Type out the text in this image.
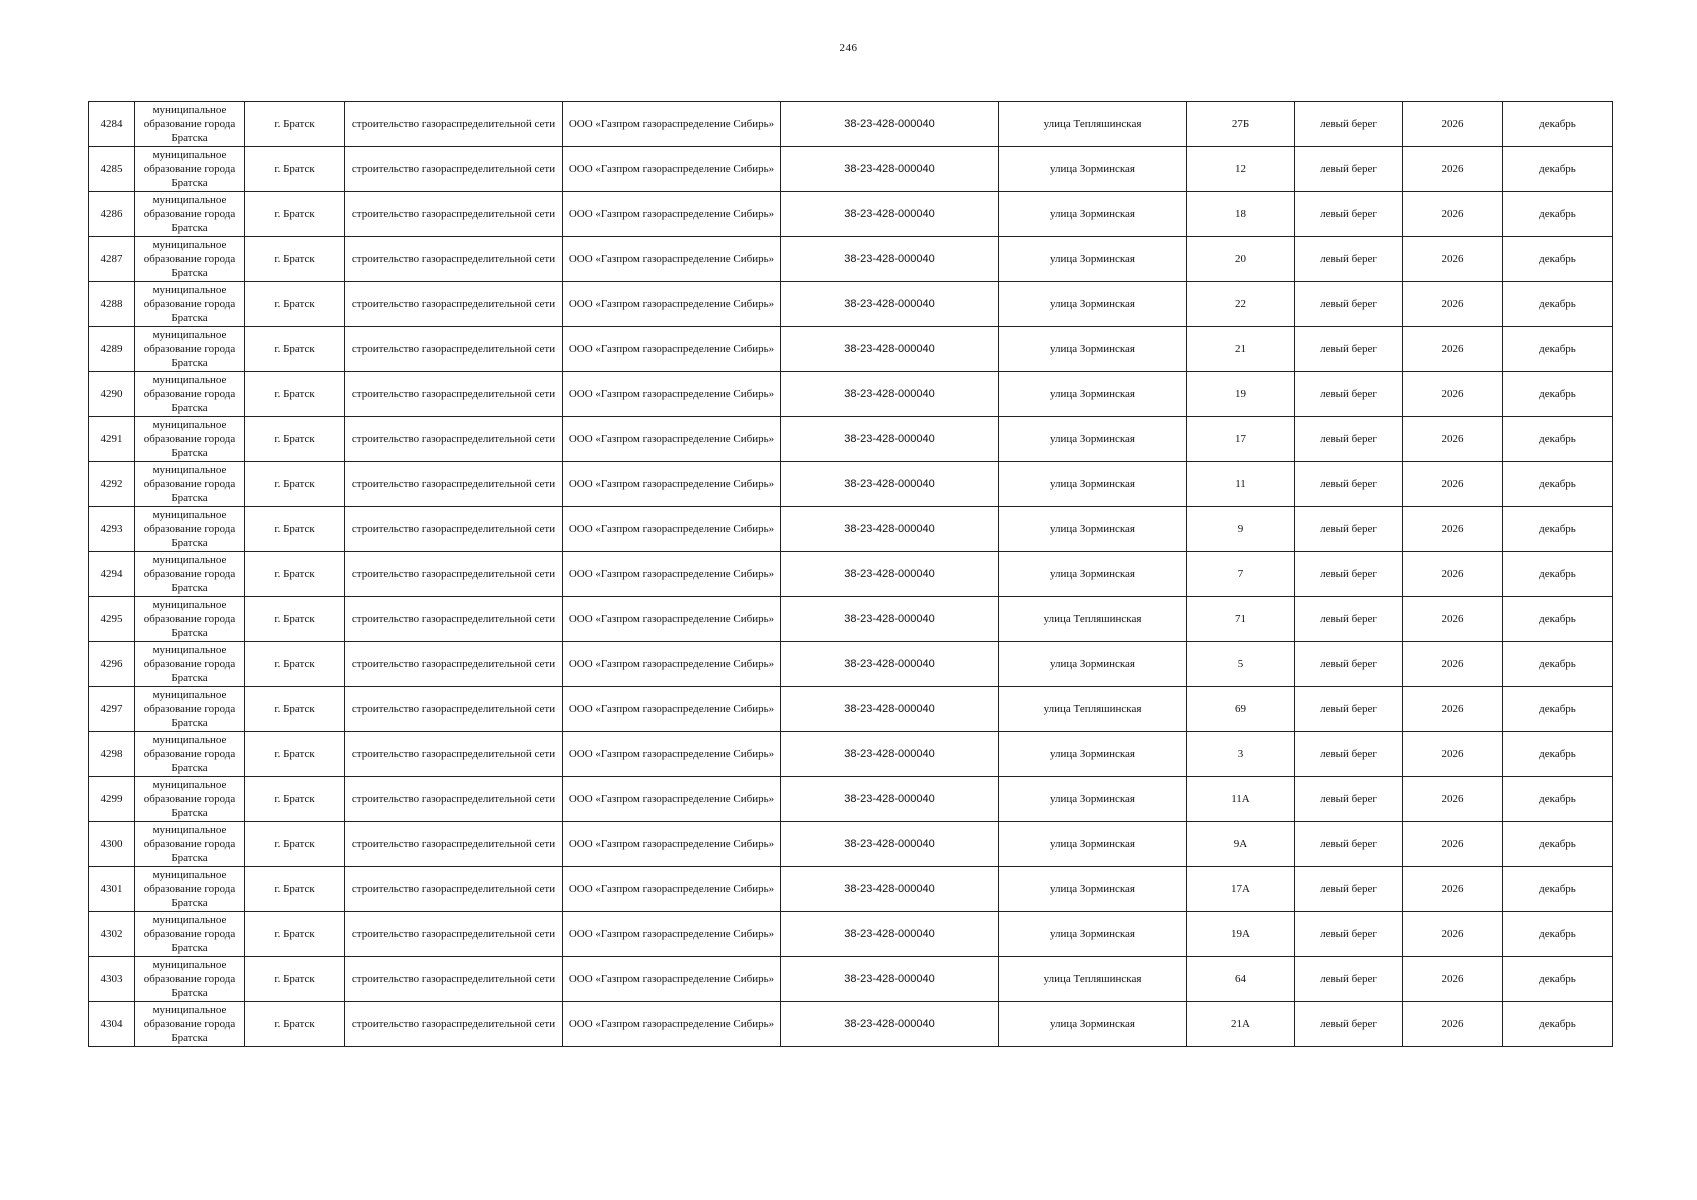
246
4284	муниципальное образование города Братска	г. Братск	строительство газораспределительной сети	ООО «Газпром газораспределение Сибирь»	38-23-428-000040	улица Тепляшинская	27Б	левый берег	2026	декабрь
4285	муниципальное образование города Братска	г. Братск	строительство газораспределительной сети	ООО «Газпром газораспределение Сибирь»	38-23-428-000040	улица Зорминская	12	левый берег	2026	декабрь
4286	муниципальное образование города Братска	г. Братск	строительство газораспределительной сети	ООО «Газпром газораспределение Сибирь»	38-23-428-000040	улица Зорминская	18	левый берег	2026	декабрь
4287	муниципальное образование города Братска	г. Братск	строительство газораспределительной сети	ООО «Газпром газораспределение Сибирь»	38-23-428-000040	улица Зорминская	20	левый берег	2026	декабрь
4288	муниципальное образование города Братска	г. Братск	строительство газораспределительной сети	ООО «Газпром газораспределение Сибирь»	38-23-428-000040	улица Зорминская	22	левый берег	2026	декабрь
4289	муниципальное образование города Братска	г. Братск	строительство газораспределительной сети	ООО «Газпром газораспределение Сибирь»	38-23-428-000040	улица Зорминская	21	левый берег	2026	декабрь
4290	муниципальное образование города Братска	г. Братск	строительство газораспределительной сети	ООО «Газпром газораспределение Сибирь»	38-23-428-000040	улица Зорминская	19	левый берег	2026	декабрь
4291	муниципальное образование города Братска	г. Братск	строительство газораспределительной сети	ООО «Газпром газораспределение Сибирь»	38-23-428-000040	улица Зорминская	17	левый берег	2026	декабрь
4292	муниципальное образование города Братска	г. Братск	строительство газораспределительной сети	ООО «Газпром газораспределение Сибирь»	38-23-428-000040	улица Зорминская	11	левый берег	2026	декабрь
4293	муниципальное образование города Братска	г. Братск	строительство газораспределительной сети	ООО «Газпром газораспределение Сибирь»	38-23-428-000040	улица Зорминская	9	левый берег	2026	декабрь
4294	муниципальное образование города Братска	г. Братск	строительство газораспределительной сети	ООО «Газпром газораспределение Сибирь»	38-23-428-000040	улица Зорминская	7	левый берег	2026	декабрь
4295	муниципальное образование города Братска	г. Братск	строительство газораспределительной сети	ООО «Газпром газораспределение Сибирь»	38-23-428-000040	улица Тепляшинская	71	левый берег	2026	декабрь
4296	муниципальное образование города Братска	г. Братск	строительство газораспределительной сети	ООО «Газпром газораспределение Сибирь»	38-23-428-000040	улица Зорминская	5	левый берег	2026	декабрь
4297	муниципальное образование города Братска	г. Братск	строительство газораспределительной сети	ООО «Газпром газораспределение Сибирь»	38-23-428-000040	улица Тепляшинская	69	левый берег	2026	декабрь
4298	муниципальное образование города Братска	г. Братск	строительство газораспределительной сети	ООО «Газпром газораспределение Сибирь»	38-23-428-000040	улица Зорминская	3	левый берег	2026	декабрь
4299	муниципальное образование города Братска	г. Братск	строительство газораспределительной сети	ООО «Газпром газораспределение Сибирь»	38-23-428-000040	улица Зорминская	11А	левый берег	2026	декабрь
4300	муниципальное образование города Братска	г. Братск	строительство газораспределительной сети	ООО «Газпром газораспределение Сибирь»	38-23-428-000040	улица Зорминская	9А	левый берег	2026	декабрь
4301	муниципальное образование города Братска	г. Братск	строительство газораспределительной сети	ООО «Газпром газораспределение Сибирь»	38-23-428-000040	улица Зорминская	17А	левый берег	2026	декабрь
4302	муниципальное образование города Братска	г. Братск	строительство газораспределительной сети	ООО «Газпром газораспределение Сибирь»	38-23-428-000040	улица Зорминская	19А	левый берег	2026	декабрь
4303	муниципальное образование города Братска	г. Братск	строительство газораспределительной сети	ООО «Газпром газораспределение Сибирь»	38-23-428-000040	улица Тепляшинская	64	левый берег	2026	декабрь
4304	муниципальное образование города Братска	г. Братск	строительство газораспределительной сети	ООО «Газпром газораспределение Сибирь»	38-23-428-000040	улица Зорминская	21А	левый берег	2026	декабрь
